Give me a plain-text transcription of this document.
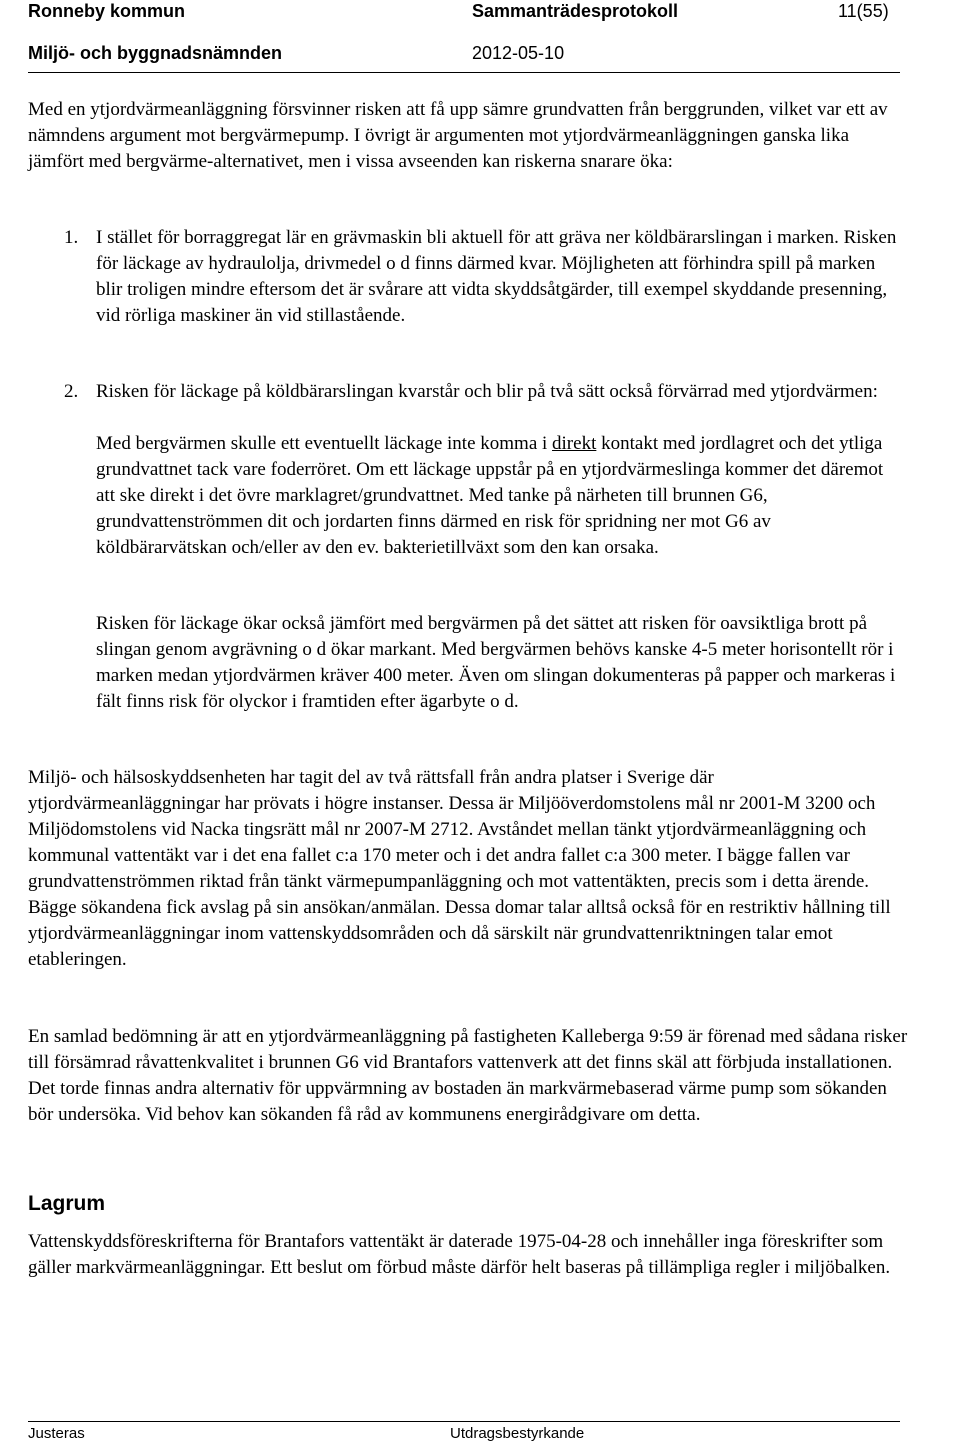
Ronneby kommun	Sammanträdesprotokoll	11(55)
Miljö- och byggnadsnämnden	2012-05-10

Med en ytjordvärmeanläggning försvinner risken att få upp sämre grundvatten från berggrunden, vilket var ett av nämndens argument mot bergvärmepump. I övrigt är argumenten mot ytjordvärmeanläggningen ganska lika jämfört med bergvärme-alternativet, men i vissa avseenden kan riskerna snarare öka:

1. I stället för borraggregat lär en grävmaskin bli aktuell för att gräva ner köldbärarslingan i marken. Risken för läckage av hydraulolja, drivmedel o d finns därmed kvar. Möjligheten att förhindra spill på marken blir troligen mindre eftersom det är svårare att vidta skyddsåtgärder, till exempel skyddande presenning, vid rörliga maskiner än vid stillastående.

2. Risken för läckage på köldbärarslingan kvarstår och blir på två sätt också förvärrad med ytjordvärmen:

Med bergvärmen skulle ett eventuellt läckage inte komma i direkt kontakt med jordlagret och det ytliga grundvattnet tack vare foderröret. Om ett läckage uppstår på en ytjordvärmeslinga kommer det däremot att ske direkt i det övre marklagret/grundvattnet. Med tanke på närheten till brunnen G6, grundvattenströmmen dit och jordarten finns därmed en risk för spridning ner mot G6 av köldbärarvätskan och/eller av den ev. bakterietillväxt som den kan orsaka.

Risken för läckage ökar också jämfört med bergvärmen på det sättet att risken för oavsiktliga brott på slingan genom avgrävning o d ökar markant. Med bergvärmen behövs kanske 4-5 meter horisontellt rör i marken medan ytjordvärmen kräver 400 meter. Även om slingan dokumenteras på papper och markeras i fält finns risk för olyckor i framtiden efter ägarbyte o d.

Miljö- och hälsoskyddsenheten har tagit del av två rättsfall från andra platser i Sverige där ytjordvärmeanläggningar har prövats i högre instanser. Dessa är Miljööverdomstolens mål nr 2001-M 3200 och Miljödomstolens vid Nacka tingsrätt mål nr 2007-M 2712. Avståndet mellan tänkt ytjordvärmeanläggning och kommunal vattentäkt var i det ena fallet c:a 170 meter och i det andra fallet c:a 300 meter. I bägge fallen var grundvattenströmmen riktad från tänkt värmepumpanläggning och mot vattentäkten, precis som i detta ärende. Bägge sökandena fick avslag på sin ansökan/anmälan. Dessa domar talar alltså också för en restriktiv hållning till ytjordvärmeanläggningar inom vattenskyddsområden och då särskilt när grundvattenriktningen talar emot etableringen.

En samlad bedömning är att en ytjordvärmeanläggning på fastigheten Kalleberga 9:59 är förenad med sådana risker till försämrad råvattenkvalitet i brunnen G6 vid Brantafors vattenverk att det finns skäl att förbjuda installationen. Det torde finnas andra alternativ för uppvärmning av bostaden än markvärmebaserad värme pump som sökanden bör undersöka. Vid behov kan sökanden få råd av kommunens energirådgivare om detta.

Lagrum

Vattenskyddsföreskrifterna för Brantafors vattentäkt är daterade 1975-04-28 och innehåller inga föreskrifter som gäller markvärmeanläggningar. Ett beslut om förbud måste därför helt baseras på tillämpliga regler i miljöbalken.

Justeras	Utdragsbestyrkande
